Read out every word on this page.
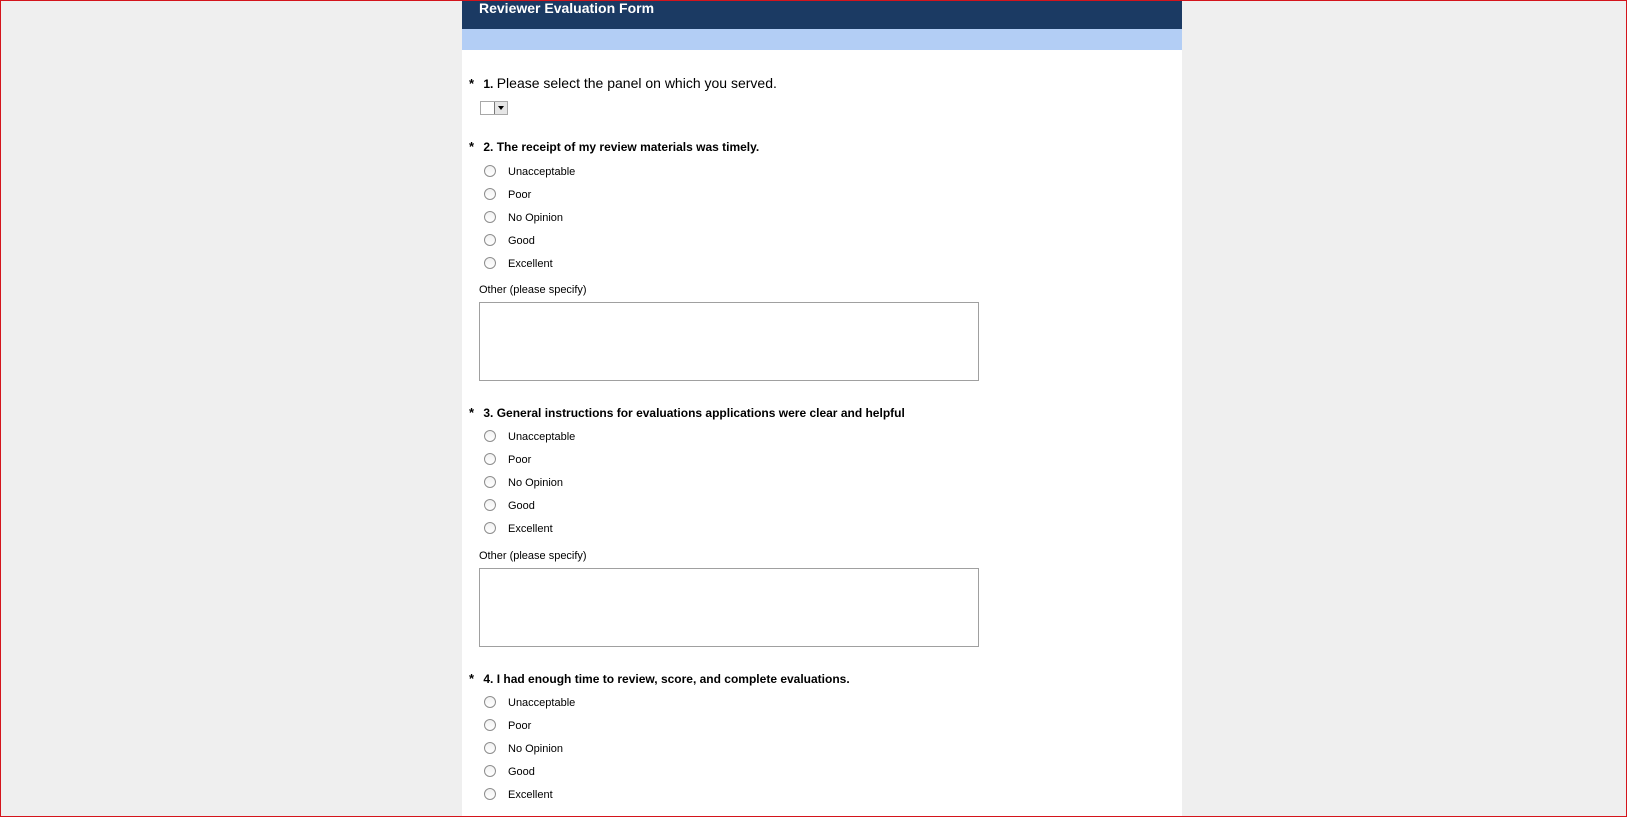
Reviewer Evaluation Form
* 1. Please select the panel on which you served.
* 2. The receipt of my review materials was timely.
Unacceptable
Poor
No Opinion
Good
Excellent
Other (please specify)
* 3. General instructions for evaluations applications were clear and helpful
Unacceptable
Poor
No Opinion
Good
Excellent
Other (please specify)
* 4. I had enough time to review, score, and complete evaluations.
Unacceptable
Poor
No Opinion
Good
Excellent
